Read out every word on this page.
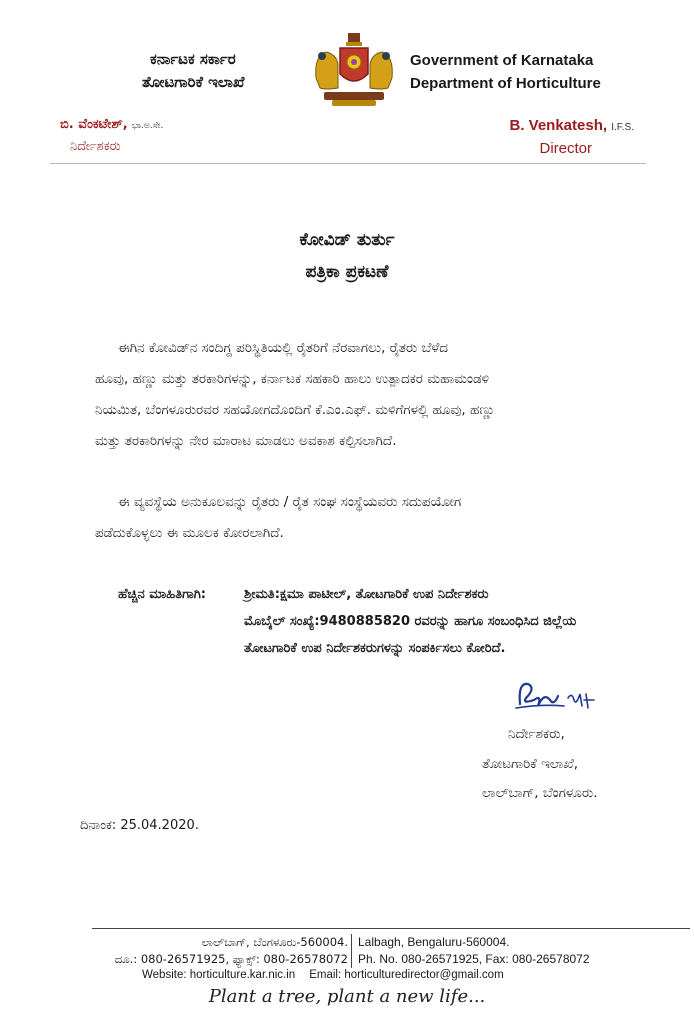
ಕರ್ನಾಟಕ ಸರ್ಕಾರ
ತೋಟಗಾರಿಕೆ ಇಲಾಖೆ
Government of Karnataka
Department of Horticulture
ಬಿ. ವೆಂಕಟೇಶ್, ಭಾ.ಅ.ಸೇ.
ನಿರ್ದೇಶಕರು
B. Venkatesh, I.F.S.
Director
ಕೋವಿಡ್ ತುರ್ತು
ಪತ್ರಿಕಾ ಪ್ರಕಟಣೆ
ಈಗಿನ ಕೋವಿಡ್‌ನ ಸಂದಿಗ್ದ ಪರಿಸ್ಥಿತಿಯಲ್ಲಿ ರೈತರಿಗೆ ನೆರವಾಗಲು, ರೈತರು ಬೆಳೆದ
ಹೂವು, ಹಣ್ಣು ಮತ್ತು ತರಕಾರಿಗಳನ್ನು, ಕರ್ನಾಟಕ ಸಹಕಾರಿ ಹಾಲು ಉತ್ಪಾದಕರ ಮಹಾಮಂಡಳಿ
ನಿಯಮಿತ, ಬೆಂಗಳೂರುರವರ ಸಹಯೋಗದೊಂದಿಗೆ ಕೆ.ಎಂ.ಎಫ್. ಮಳಿಗೆಗಳಲ್ಲಿ ಹೂವು, ಹಣ್ಣು
ಮತ್ತು ತರಕಾರಿಗಳನ್ನು ನೇರ ಮಾರಾಟ ಮಾಡಲು ಅವಕಾಶ ಕಲ್ಪಿಸಲಾಗಿದೆ.
ಈ ವ್ಯವಸ್ಥೆಯ ಅನುಕೂಲವನ್ನು ರೈತರು / ರೈತ ಸಂಘ ಸಂಸ್ಥೆಯವರು ಸದುಪಯೋಗ
ಪಡೆದುಕೊಳ್ಳಲು ಈ ಮೂಲಕ ಕೋರಲಾಗಿದೆ.
ಹೆಚ್ಚಿನ ಮಾಹಿತಿಗಾಗಿ:	ಶ್ರೀಮತಿ:ಕ್ಷಮಾ ಪಾಟೀಲ್, ತೋಟಗಾರಿಕೆ ಉಪ ನಿರ್ದೇಶಕರು
ಮೊಬೈಲ್ ಸಂಖ್ಯೆ:9480885820 ರವರನ್ನು ಹಾಗೂ ಸಂಬಂಧಿಸಿದ ಜಿಲ್ಲೆಯ
ತೋಟಗಾರಿಕೆ ಉಪ ನಿರ್ದೇಶಕರುಗಳನ್ನು ಸಂಪರ್ಕಿಸಲು ಕೋರಿದೆ.
ನಿರ್ದೇಶಕರು,
ತೋಟಗಾರಿಕೆ ಇಲಾಖೆ,
ಲಾಲ್‌ಬಾಗ್, ಬೆಂಗಳೂರು.
ದಿನಾಂಕ: 25.04.2020.
ಲಾಲ್‌ಬಾಗ್, ಬೆಂಗಳೂರು-560004.
ದೂ.: 080-26571925, ಫ್ಯಾಕ್ಸ್: 080-26578072
Lalbagh, Bengaluru-560004.
Ph. No. 080-26571925, Fax: 080-26578072
Website: horticulture.kar.nic.in Email: horticulturedirector@gmail.com
Plant a tree, plant a new life...
